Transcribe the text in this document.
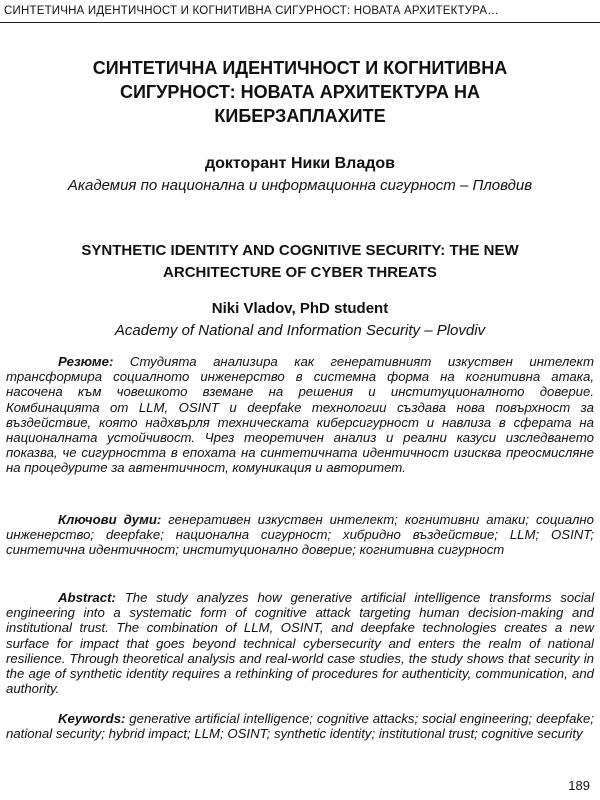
СИНТЕТИЧНА ИДЕНТИЧНОСТ И КОГНИТИВНА СИГУРНОСТ: НОВАТА АРХИТЕКТУРА…
СИНТЕТИЧНА ИДЕНТИЧНОСТ И КОГНИТИВНА СИГУРНОСТ: НОВАТА АРХИТЕКТУРА НА КИБЕРЗАПЛАХИТЕ
докторант Ники Владов
Академия по национална и информационна сигурност – Пловдив
SYNTHETIC IDENTITY AND COGNITIVE SECURITY: THE NEW ARCHITECTURE OF CYBER THREATS
Niki Vladov, PhD student
Academy of National and Information Security – Plovdiv

Резюме: Студията анализира как генеративният изкуствен интелект трансформира социалното инженерство в системна форма на когнитивна атака, насочена към човешкото вземане на решения и институционалното доверие. Комбинацията от LLM, OSINT и deepfake технологии създава нова повърхност за въздействие, която надхвърля техническата киберсигурност и навлиза в сферата на националната устойчивост. Чрез теоретичен анализ и реални казуси изследването показва, че сигурността в епохата на синтетичната идентичност изисква преосмисляне на процедурите за автентичност, комуникация и авторитет.

Ключови думи: генеративен изкуствен интелект; когнитивни атаки; социално инженерство; deepfake; национална сигурност; хибридно въздействие; LLM; OSINT; синтетична идентичност; институционално доверие; когнитивна сигурност

Abstract: The study analyzes how generative artificial intelligence transforms social engineering into a systematic form of cognitive attack targeting human decision-making and institutional trust. The combination of LLM, OSINT, and deepfake technologies creates a new surface for impact that goes beyond technical cybersecurity and enters the realm of national resilience. Through theoretical analysis and real-world case studies, the study shows that security in the age of synthetic identity requires a rethinking of procedures for authenticity, communication, and authority.

Keywords: generative artificial intelligence; cognitive attacks; social engineering; deepfake; national security; hybrid impact; LLM; OSINT; synthetic identity; institutional trust; cognitive security

189
